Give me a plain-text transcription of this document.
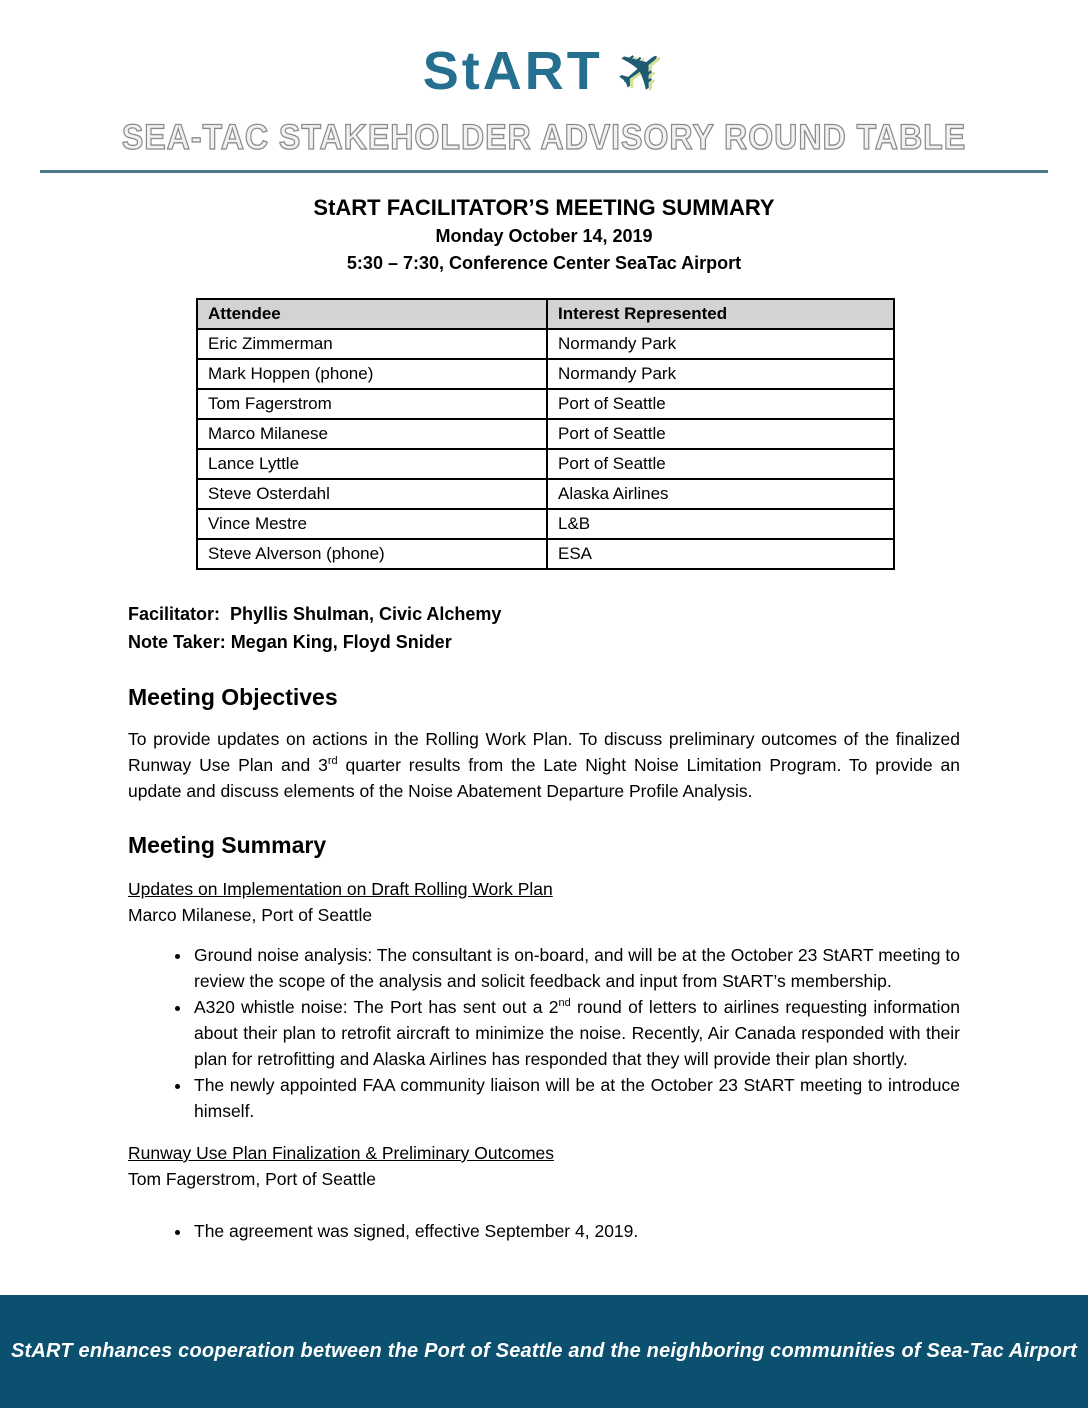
StART
✈
SEA-TAC STAKEHOLDER ADVISORY ROUND TABLE
StART FACILITATOR’S MEETING SUMMARY
Monday October 14, 2019
5:30 – 7:30, Conference Center SeaTac Airport
Attendee	Interest Represented
Eric Zimmerman	Normandy Park
Mark Hoppen (phone)	Normandy Park
Tom Fagerstrom	Port of Seattle
Marco Milanese	Port of Seattle
Lance Lyttle	Port of Seattle
Steve Osterdahl	Alaska Airlines
Vince Mestre	L&B
Steve Alverson (phone)	ESA
Facilitator:  Phyllis Shulman, Civic Alchemy
Note Taker: Megan King, Floyd Snider
Meeting Objectives
To provide updates on actions in the Rolling Work Plan. To discuss preliminary outcomes of the finalized Runway Use Plan and 3rd quarter results from the Late Night Noise Limitation Program. To provide an update and discuss elements of the Noise Abatement Departure Profile Analysis.
Meeting Summary
Updates on Implementation on Draft Rolling Work Plan
Marco Milanese, Port of Seattle
• Ground noise analysis: The consultant is on-board, and will be at the October 23 StART meeting to review the scope of the analysis and solicit feedback and input from StART’s membership.
• A320 whistle noise: The Port has sent out a 2nd round of letters to airlines requesting information about their plan to retrofit aircraft to minimize the noise. Recently, Air Canada responded with their plan for retrofitting and Alaska Airlines has responded that they will provide their plan shortly.
• The newly appointed FAA community liaison will be at the October 23 StART meeting to introduce himself.
Runway Use Plan Finalization & Preliminary Outcomes
Tom Fagerstrom, Port of Seattle
• The agreement was signed, effective September 4, 2019.
StART enhances cooperation between the Port of Seattle and the neighboring communities of Sea-Tac Airport
